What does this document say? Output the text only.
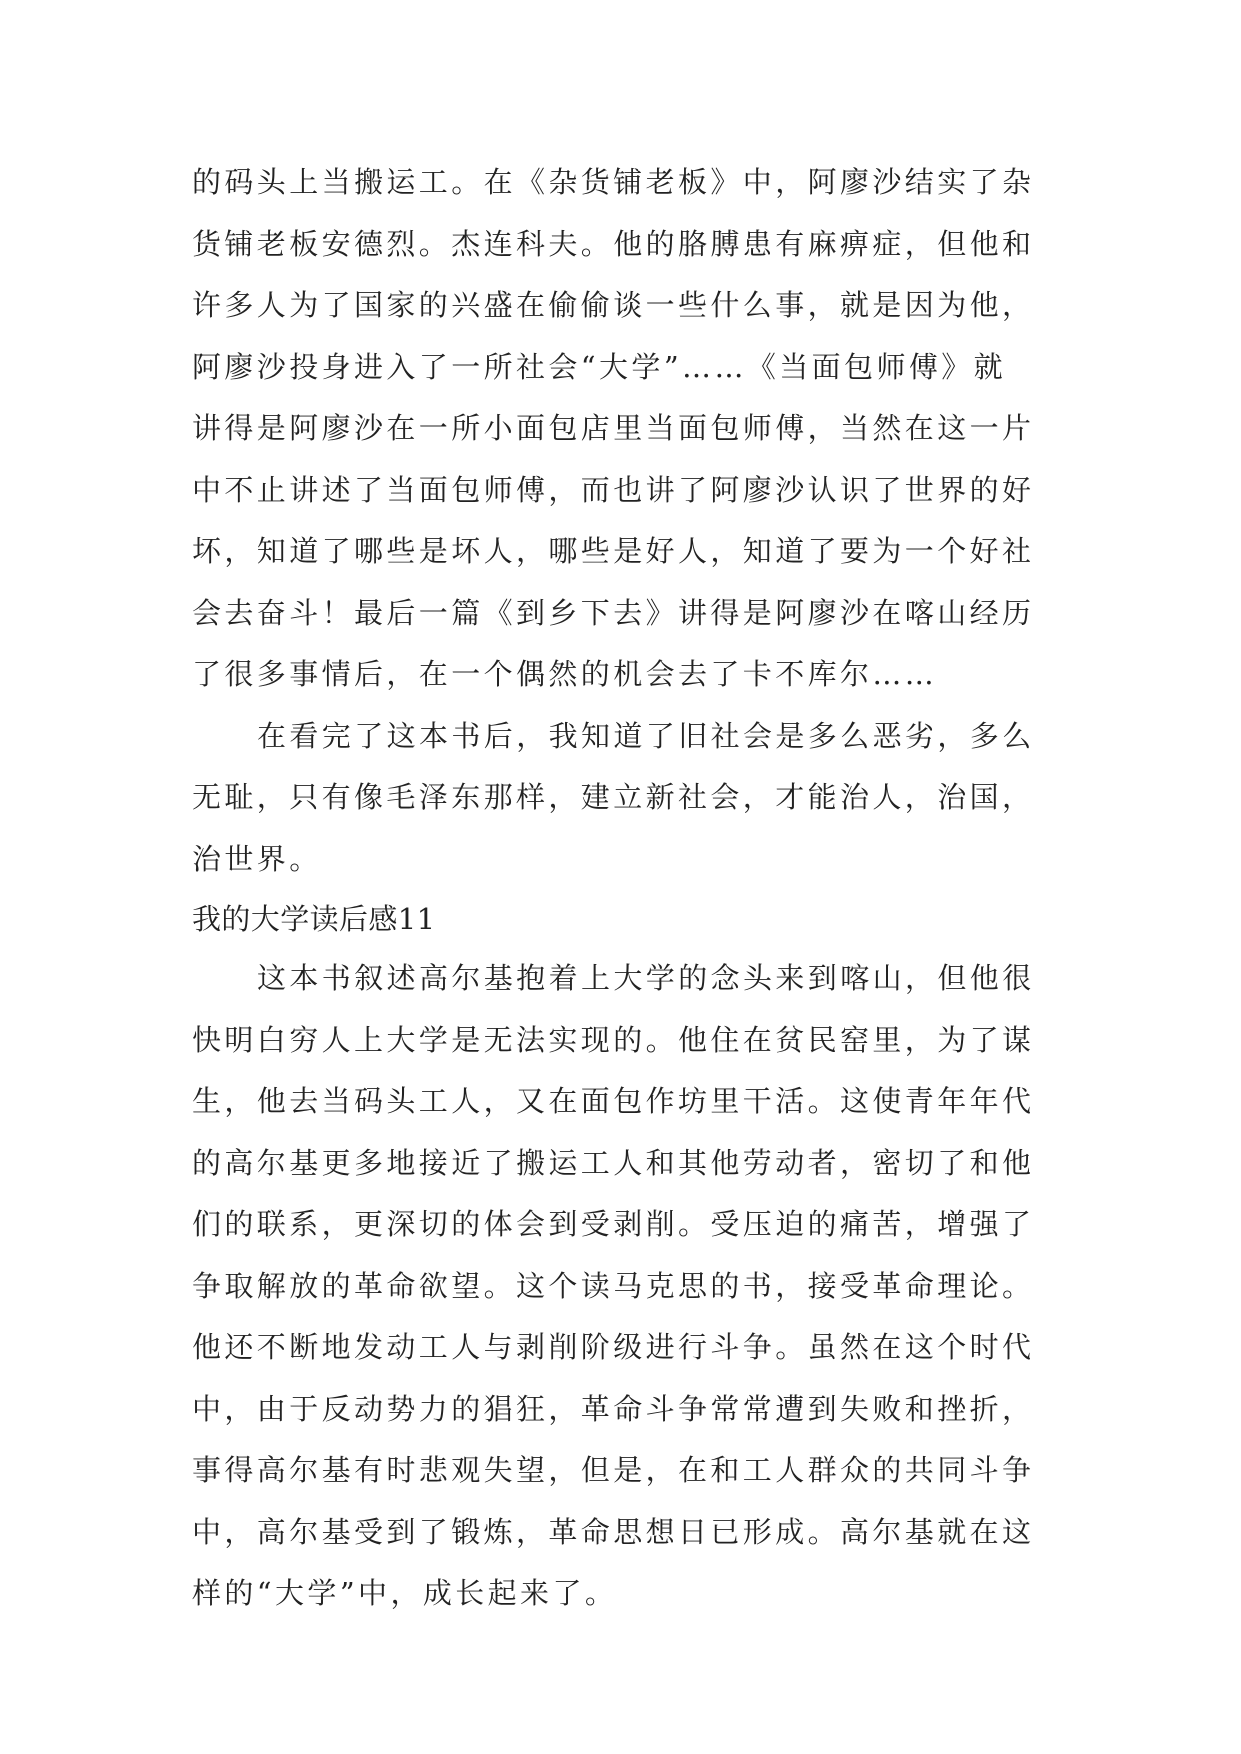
的码头上当搬运工。在《杂货铺老板》中，阿廖沙结实了杂
货铺老板安德烈。杰连科夫。他的胳膊患有麻痹症，但他和
许多人为了国家的兴盛在偷偷谈一些什么事，就是因为他，
阿廖沙投身进入了一所社会“大学”……《当面包师傅》就
讲得是阿廖沙在一所小面包店里当面包师傅，当然在这一片
中不止讲述了当面包师傅，而也讲了阿廖沙认识了世界的好
坏，知道了哪些是坏人，哪些是好人，知道了要为一个好社
会去奋斗！最后一篇《到乡下去》讲得是阿廖沙在喀山经历
了很多事情后，在一个偶然的机会去了卡不库尔……
在看完了这本书后，我知道了旧社会是多么恶劣，多么
无耻，只有像毛泽东那样，建立新社会，才能治人，治国，
治世界。
我的大学读后感11
这本书叙述高尔基抱着上大学的念头来到喀山，但他很
快明白穷人上大学是无法实现的。他住在贫民窑里，为了谋
生，他去当码头工人，又在面包作坊里干活。这使青年年代
的高尔基更多地接近了搬运工人和其他劳动者，密切了和他
们的联系，更深切的体会到受剥削。受压迫的痛苦，增强了
争取解放的革命欲望。这个读马克思的书，接受革命理论。
他还不断地发动工人与剥削阶级进行斗争。虽然在这个时代
中，由于反动势力的猖狂，革命斗争常常遭到失败和挫折，
事得高尔基有时悲观失望，但是，在和工人群众的共同斗争
中，高尔基受到了锻炼，革命思想日已形成。高尔基就在这
样的“大学”中，成长起来了。
